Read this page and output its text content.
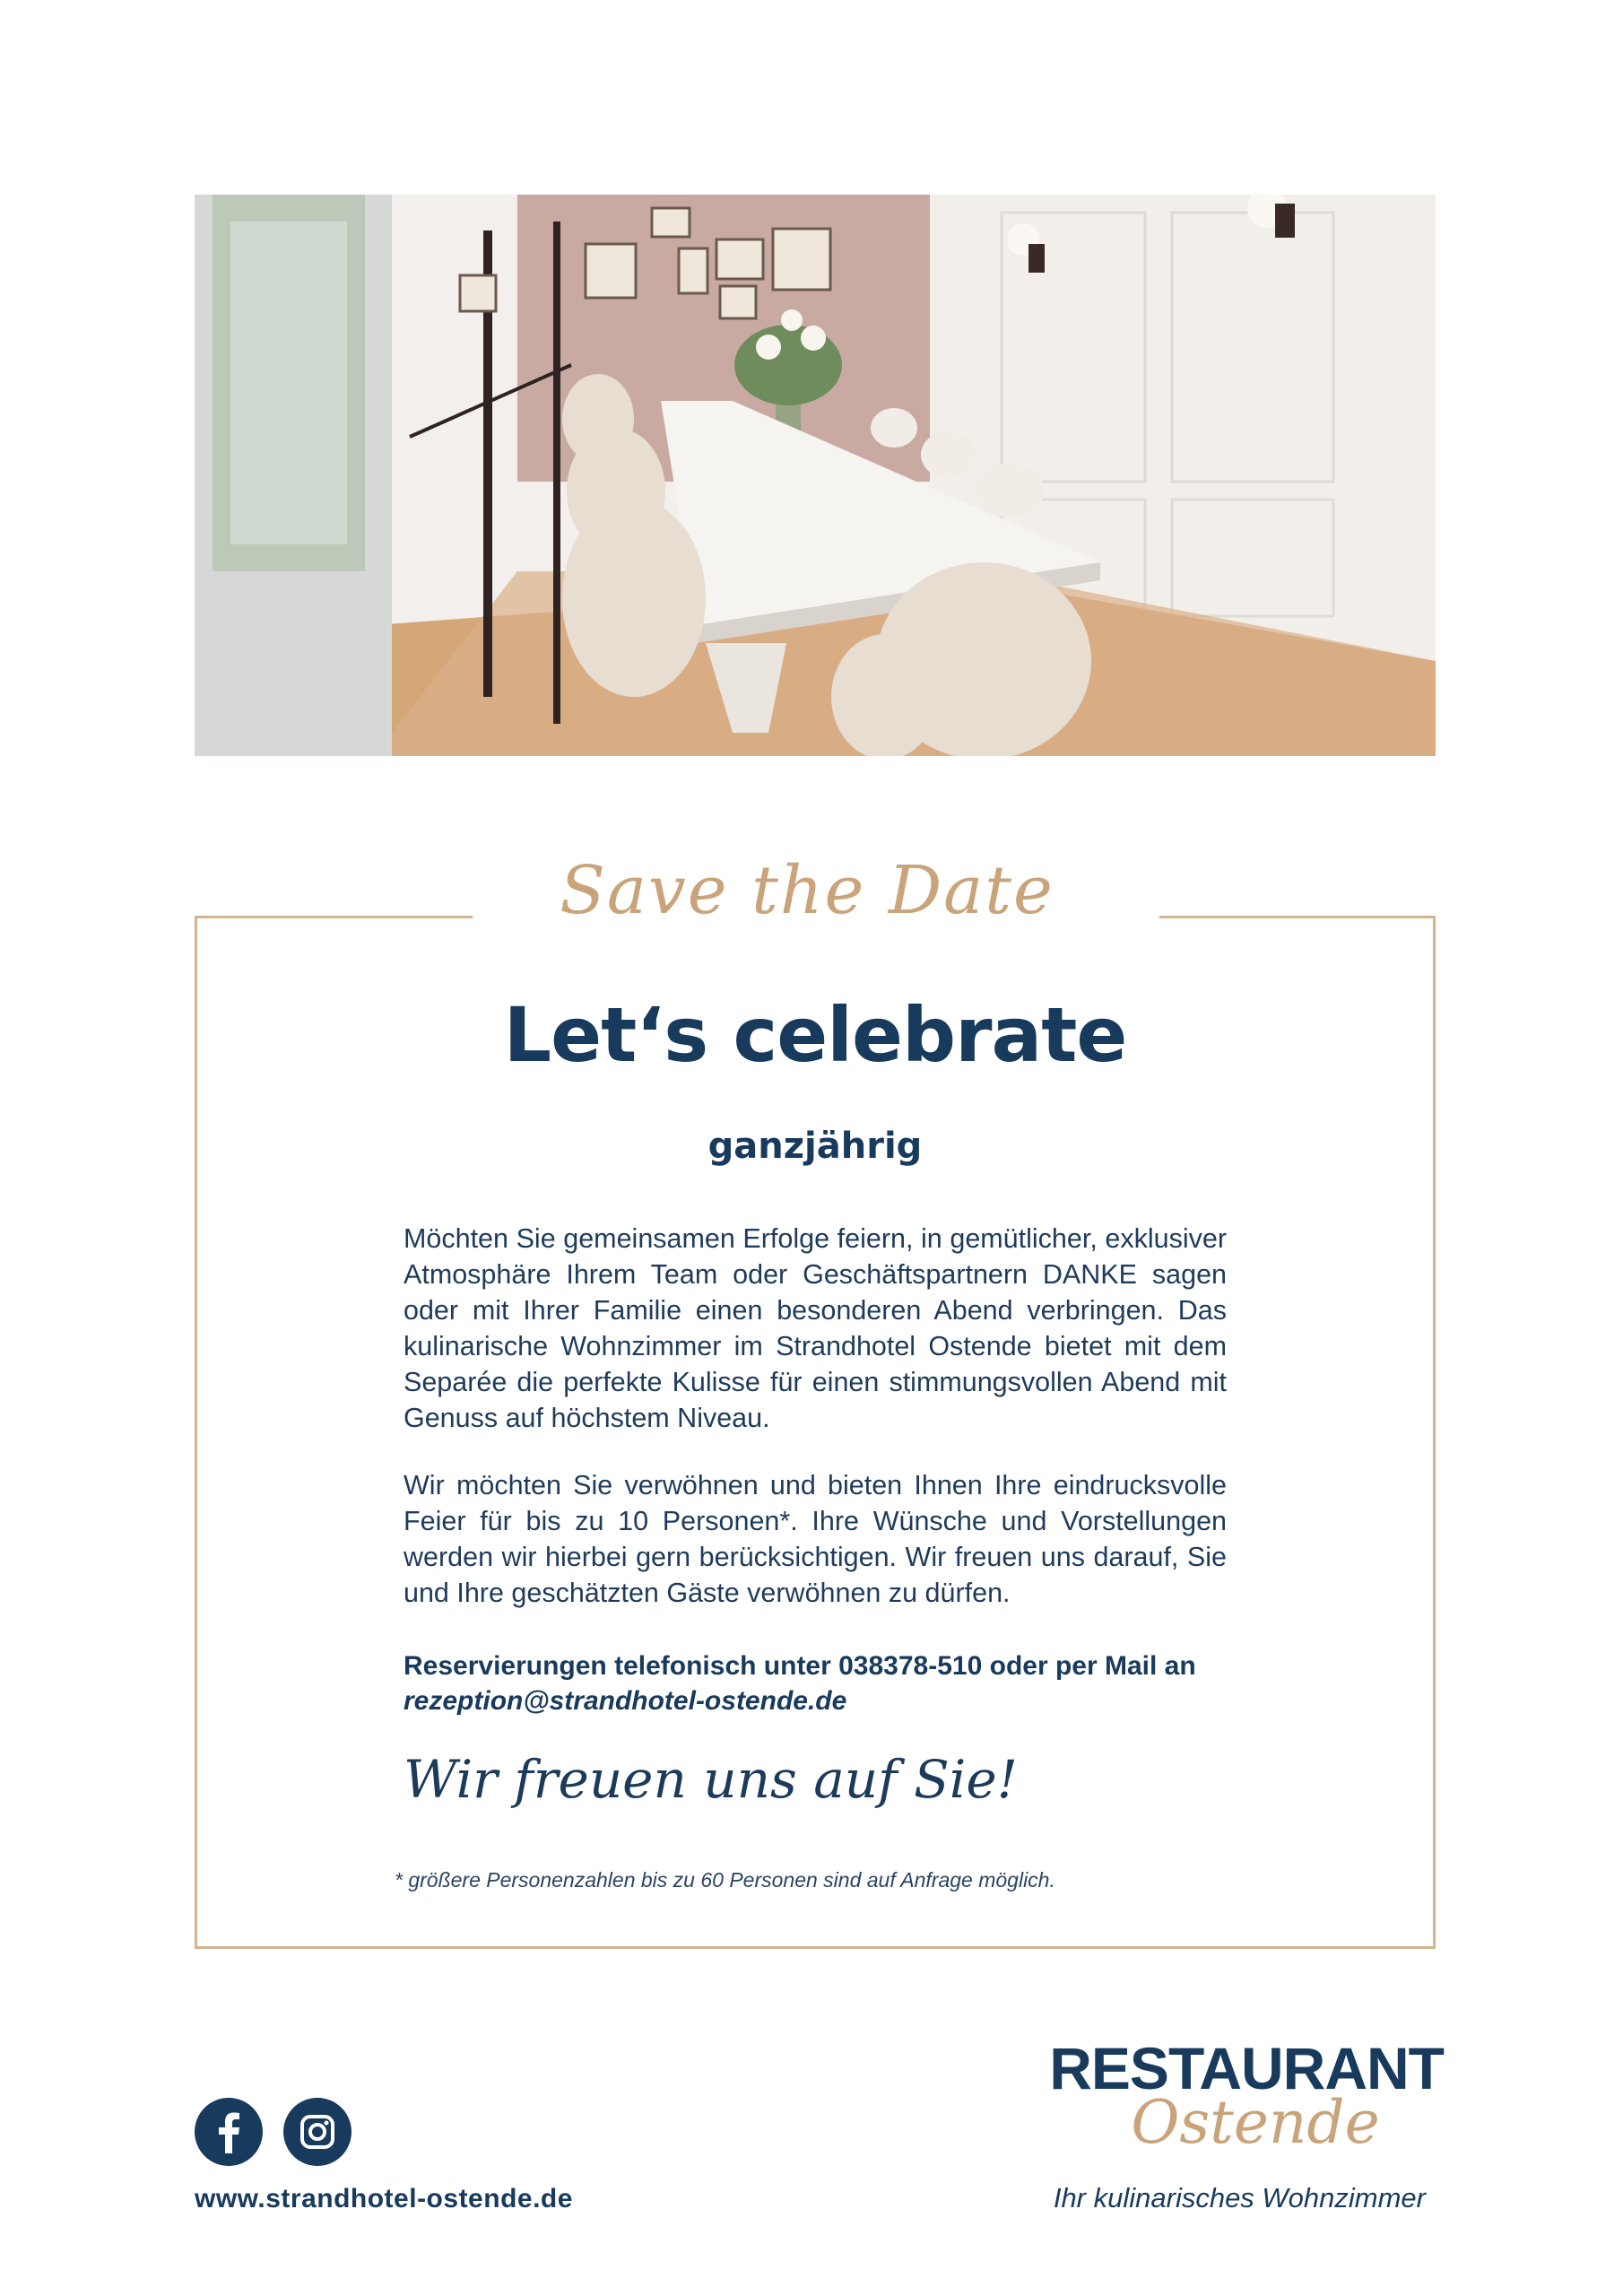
Save the Date
Let‘s celebrate
ganzjährig

Möchten Sie gemeinsamen Erfolge feiern, in gemütlicher, exklusiver Atmosphäre Ihrem Team oder Geschäftspartnern DANKE sagen oder mit Ihrer Familie einen besonderen Abend verbringen. Das kulinarische Wohnzimmer im Strandhotel Ostende bietet mit dem Separée die perfekte Kulisse für einen stimmungsvollen Abend mit Genuss auf höchstem Niveau.

Wir möchten Sie verwöhnen und bieten Ihnen Ihre eindrucksvolle Feier für bis zu 10 Personen*. Ihre Wünsche und Vorstellungen werden wir hierbei gern berücksichtigen. Wir freuen uns darauf, Sie und Ihre geschätzten Gäste verwöhnen zu dürfen.

Reservierungen telefonisch unter 038378-510 oder per Mail an rezeption@strandhotel-ostende.de
Wir freuen uns auf Sie!
* größere Personenzahlen bis zu 60 Personen sind auf Anfrage möglich.
www.strandhotel-ostende.de
RESTAURANT
Ostende
Ihr kulinarisches Wohnzimmer
